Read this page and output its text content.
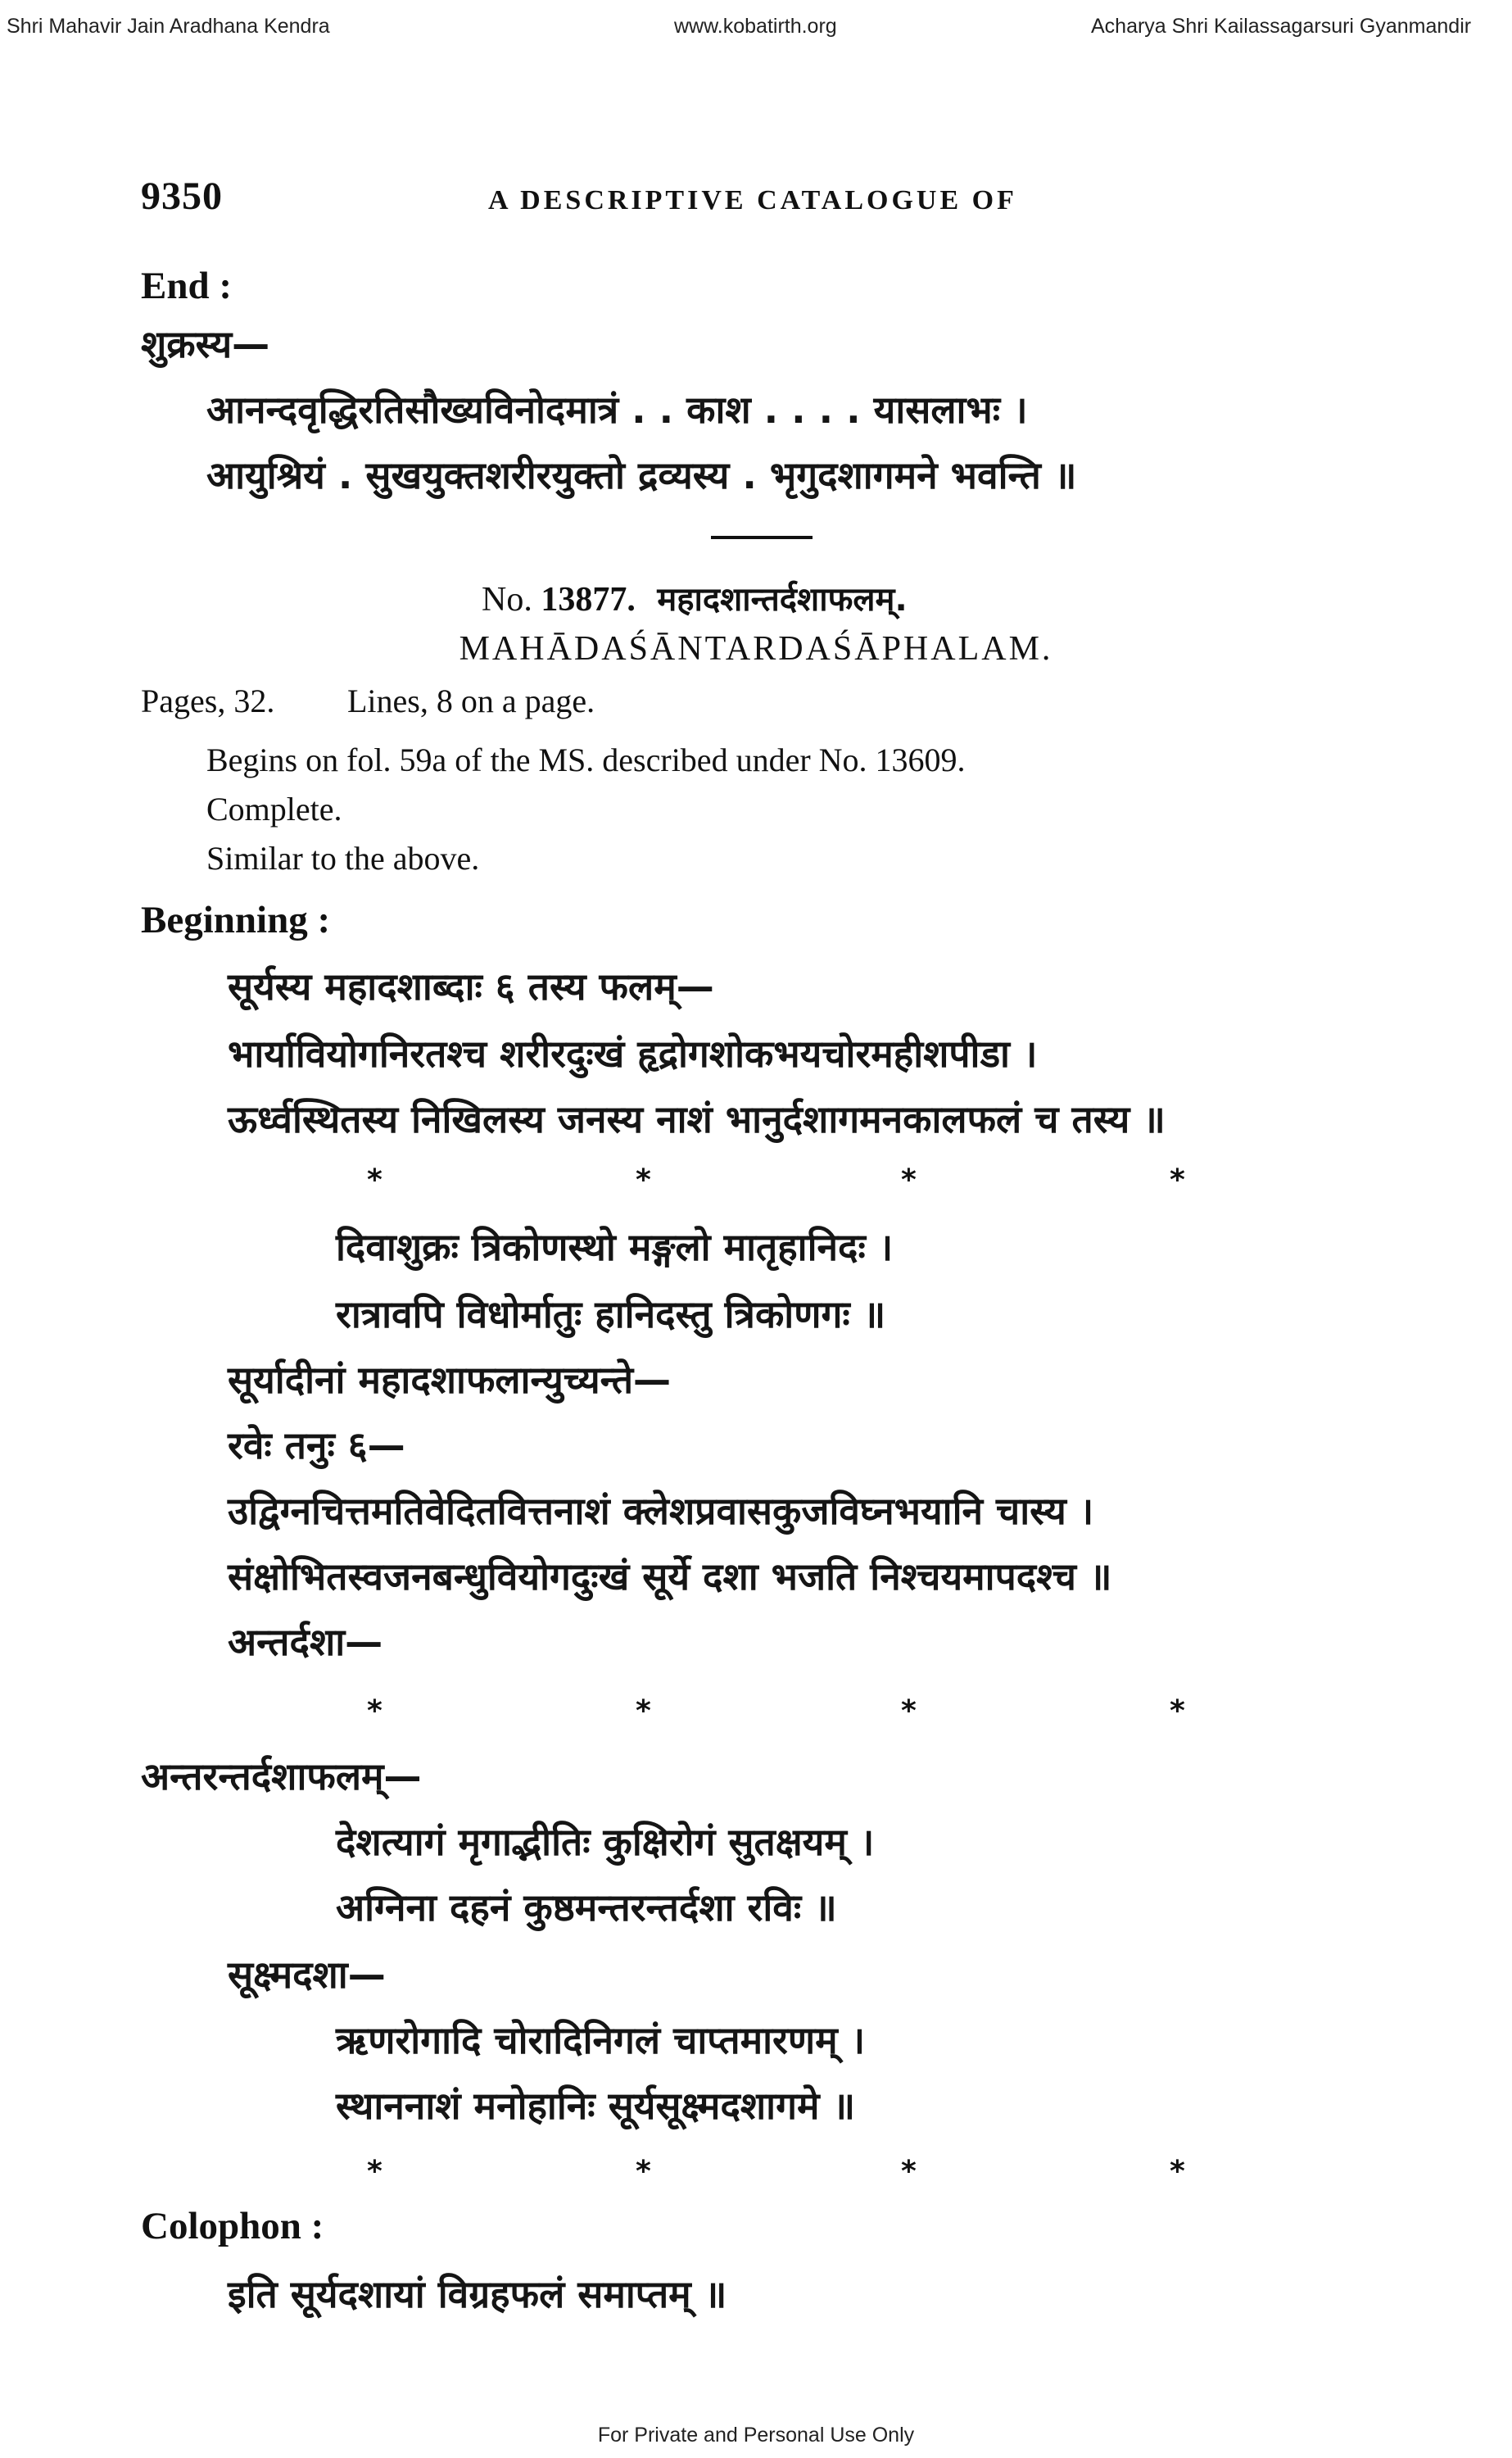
Shri Mahavir Jain Aradhana Kendra	www.kobatirth.org	Acharya Shri Kailassagarsuri Gyanmandir
9350	A DESCRIPTIVE CATALOGUE OF
End :
शुक्रस्य—
आनन्दवृद्धिरतिसौख्यविनोदमात्रं . . काश . . . . यासलाभः ।
आयुश्रियं . सुखयुक्तशरीरयुक्तो द्रव्यस्य . भृगुदशागमने भवन्ति ॥
No. 13877. महादशान्तर्दशाफलम्.
MAHĀDAŚĀNTARDAŚĀPHALAM.
Pages, 32. Lines, 8 on a page.
Begins on fol. 59a of the MS. described under No. 13609.
Complete.
Similar to the above.
Beginning :
सूर्यस्य महादशाब्दाः ६ तस्य फलम्—
भार्यावियोगनिरतश्च शरीरदुःखं हृद्रोगशोकभयचोरमहीशपीडा ।
ऊर्ध्वस्थितस्य निखिलस्य जनस्य नाशं भानुर्दशागमनकालफलं च तस्य ॥
*	*	*	*
दिवाशुक्रः त्रिकोणस्थो मङ्गलो मातृहानिदः ।
रात्रावपि विधोर्मातुः हानिदस्तु त्रिकोणगः ॥
सूर्यादीनां महादशाफलान्युच्यन्ते—
रवेः तनुः ६—
उद्विग्नचित्तमतिवेदितवित्तनाशं क्लेशप्रवासकुजविघ्नभयानि चास्य ।
संक्षोभितस्वजनबन्धुवियोगदुःखं सूर्ये दशा भजति निश्चयमापदश्च ॥
अन्तर्दशा—
*	*	*	*
अन्तरन्तर्दशाफलम्—
देशत्यागं मृगाद्भीतिः कुक्षिरोगं सुतक्षयम् ।
अग्निना दहनं कुष्ठमन्तरन्तर्दशा रविः ॥
सूक्ष्मदशा—
ऋणरोगादि चोरादिनिगलं चाप्तमारणम् ।
स्थाननाशं मनोहानिः सूर्यसूक्ष्मदशागमे ॥
*	*	*	*
Colophon :
इति सूर्यदशायां विग्रहफलं समाप्तम् ॥
For Private and Personal Use Only
